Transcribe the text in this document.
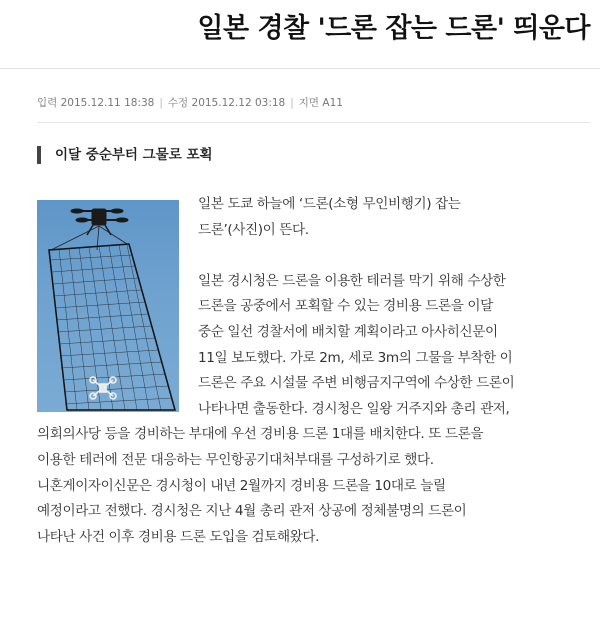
일본 경찰 '드론 잡는 드론' 띄운다
입력 2015.12.11 18:38 | 수정 2015.12.12 03:18 | 지면 A11
이달 중순부터 그물로 포획

일본 도쿄 하늘에 ‘드론(소형 무인비행기) 잡는

드론’(사진)이 뜬다.

일본 경시청은 드론을 이용한 테러를 막기 위해 수상한

드론을 공중에서 포획할 수 있는 경비용 드론을 이달

중순 일선 경찰서에 배치할 계획이라고 아사히신문이

11일 보도했다. 가로 2m, 세로 3m의 그물을 부착한 이

드론은 주요 시설물 주변 비행금지구역에 수상한 드론이

나타나면 출동한다. 경시청은 일왕 거주지와 총리 관저,

의회의사당 등을 경비하는 부대에 우선 경비용 드론 1대를 배치한다. 또 드론을

이용한 테러에 전문 대응하는 무인항공기대처부대를 구성하기로 했다.

니혼게이자이신문은 경시청이 내년 2월까지 경비용 드론을 10대로 늘릴

예정이라고 전했다. 경시청은 지난 4월 총리 관저 상공에 정체불명의 드론이

나타난 사건 이후 경비용 드론 도입을 검토해왔다.
